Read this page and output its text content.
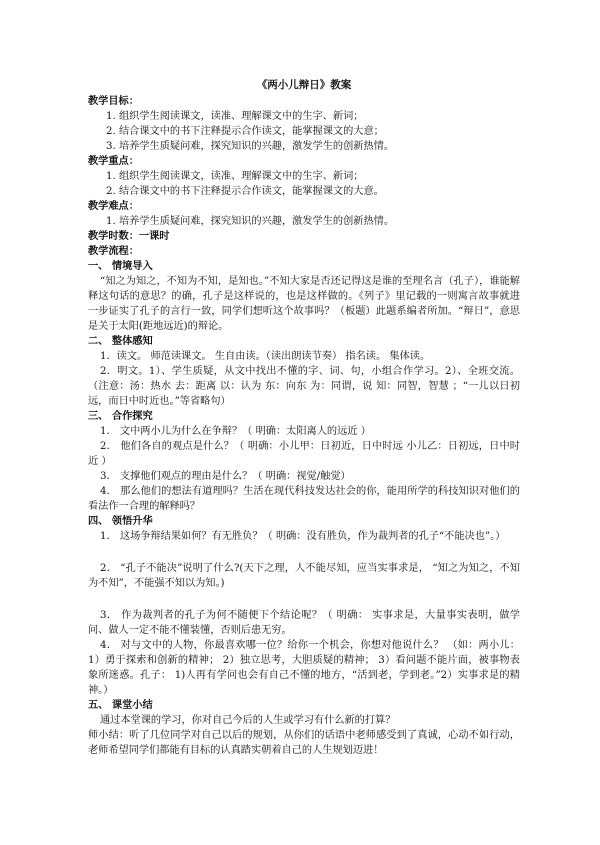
《两小儿辩日》教案
教学目标：
1. 组织学生阅读课文，读准、理解课文中的生字、新词；
2. 结合课文中的书下注释提示合作读文，能掌握课文的大意；
3. 培养学生质疑问难，探究知识的兴趣，激发学生的创新热情。
教学重点：
1. 组织学生阅读课文，读准、理解课文中的生字、新词；
2. 结合课文中的书下注释提示合作读文，能掌握课文的大意。
教学难点：
1. 培养学生质疑问难，探究知识的兴趣，激发学生的创新热情。
教学时数：一课时
教学流程：
一、 情境导入
“知之为知之，不知为不知，是知也。”不知大家是否还记得这是谁的至理名言（孔子），谁能解释这句话的意思？的确，孔子是这样说的，也是这样做的。《列子》里记载的一则寓言故事就进一步证实了孔子的言行一致，同学们想听这个故事吗？（板题）此题系编者所加。“辩日”，意思是关于太阳(距地远近)的辩论。
二、 整体感知
1．读文。 师范读课文。 生自由读。（读出朗读节奏） 指名读。 集体读。
2．明文。1）、学生质疑，从文中找出不懂的字、词、句，小组合作学习。2）、全班交流。（注意：汤：热水 去：距离 以：认为 东：向东 为：同谓，说 知：同智，智慧 ；“一儿以日初远，而日中时近也。”等省略句）
三、 合作探究
1． 文中两小儿为什么在争辩？（ 明确：太阳离人的远近 ）
2． 他们各自的观点是什么？（ 明确：小儿甲：日初近，日中时远 小儿乙：日初远，日中时近 ）
3． 支撑他们观点的理由是什么？（ 明确：视觉/触觉）
4． 那么他们的想法有道理吗？生活在现代科技发达社会的你，能用所学的科技知识对他们的看法作一合理的解释吗？
四、 领悟升华
1． 这场争辩结果如何？有无胜负？（ 明确：没有胜负，作为裁判者的孔子“不能决也”。）
2． “孔子不能决”说明了什么?(天下之理，人不能尽知，应当实事求是， “知之为知之，不知为不知”，不能强不知以为知。)
3． 作为裁判者的孔子为何不随便下个结论呢？（ 明确： 实事求是，大量事实表明，做学问、做人一定不能不懂装懂，否则后患无穷。
4． 对与文中的人物，你最喜欢哪一位？给你一个机会，你想对他说什么？ （如：两小儿：1）勇于探索和创新的精神； 2）独立思考，大胆质疑的精神； 3）看问题不能片面，被事物表象所迷惑。孔子： 1)人再有学问也会有自己不懂的地方，“活到老，学到老。”2）实事求是的精神。）
五、 课堂小结
通过本堂课的学习，你对自己今后的人生或学习有什么新的打算？
师小结：听了几位同学对自己以后的规划，从你们的话语中老师感受到了真诚，心动不如行动，老师希望同学们都能有目标的认真踏实朝着自己的人生规划迈进！
